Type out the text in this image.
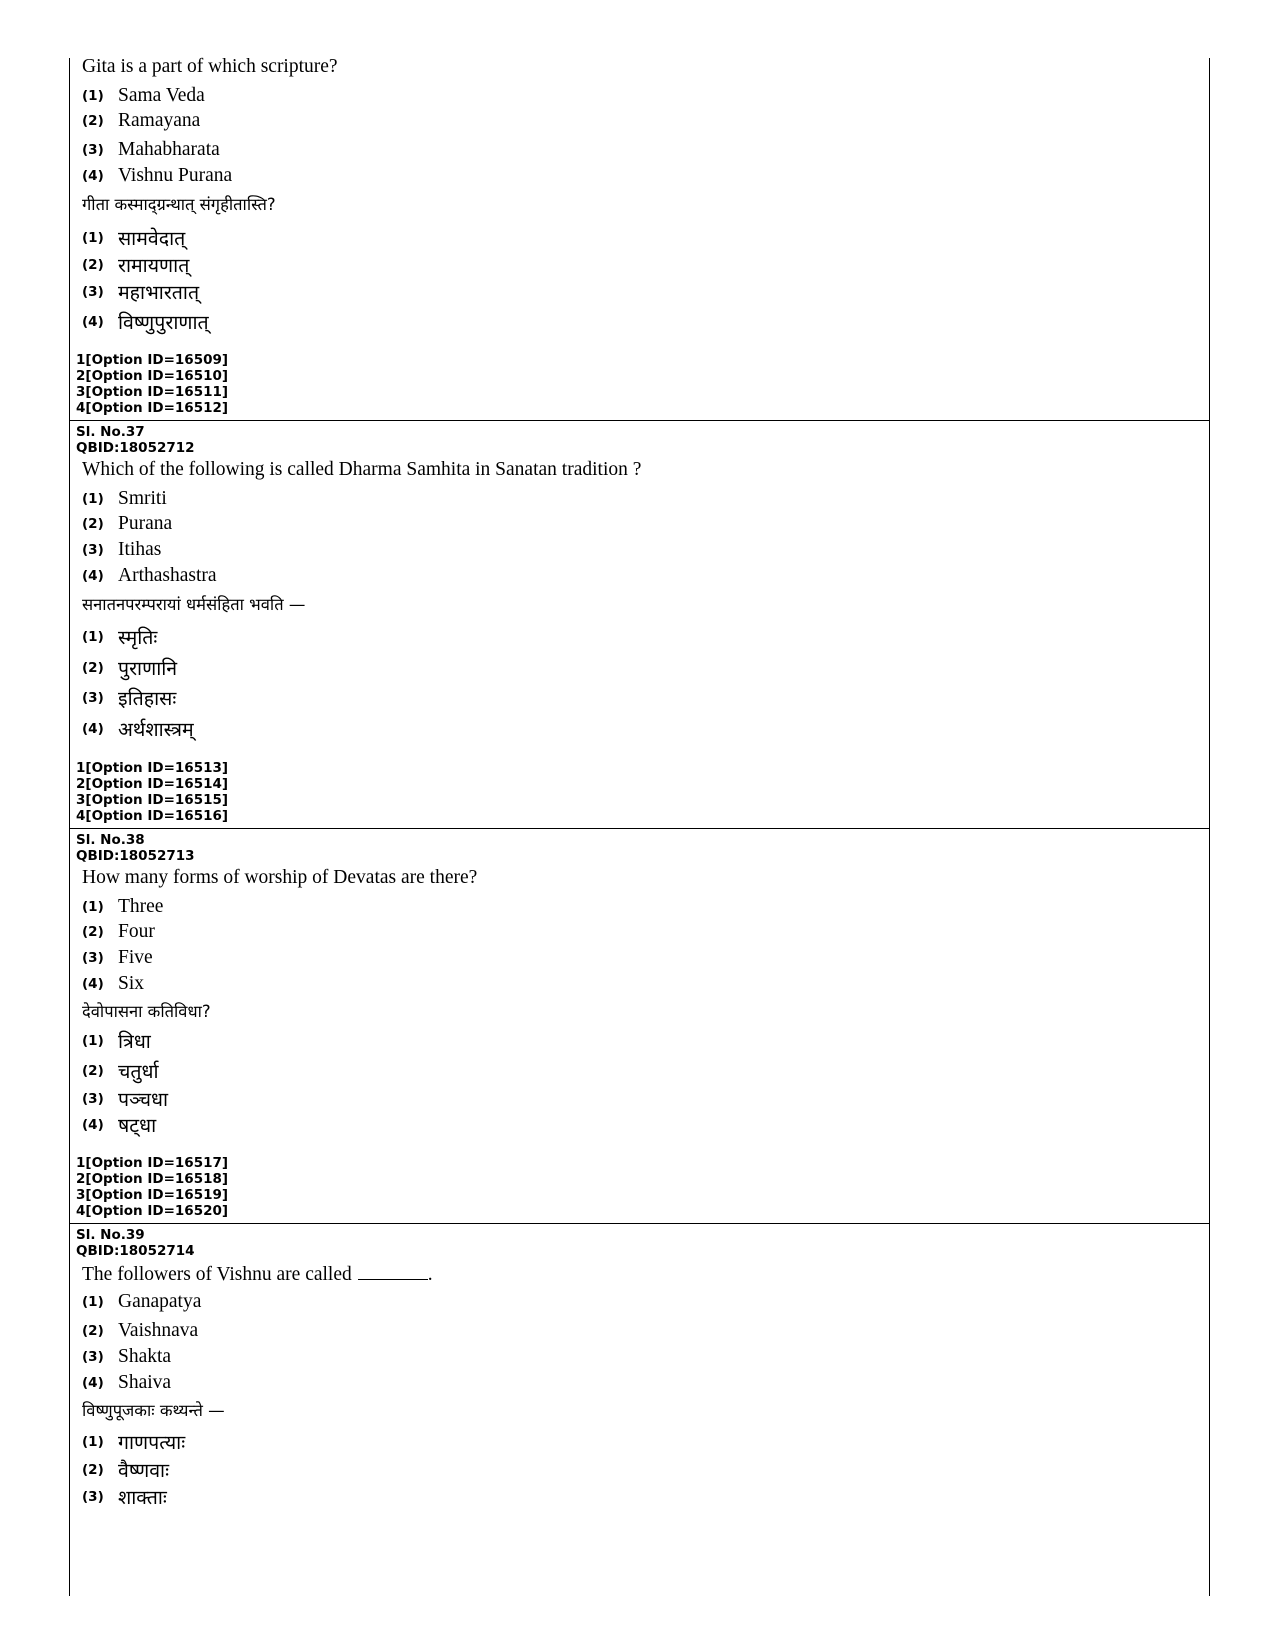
Gita is a part of which scripture?
(1) Sama Veda
(2) Ramayana
(3) Mahabharata
(4) Vishnu Purana
गीता कस्माद्ग्रन्थात् संगृहीतास्ति?
(1) सामवेदात्
(2) रामायणात्
(3) महाभारतात्
(4) विष्णुपुराणात्
1[Option ID=16509]
2[Option ID=16510]
3[Option ID=16511]
4[Option ID=16512]
Sl. No.37
QBID:18052712
Which of the following is called Dharma Samhita in Sanatan tradition ?
(1) Smriti
(2) Purana
(3) Itihas
(4) Arthashastra
सनातनपरम्परायां धर्मसंहिता भवति —
(1) स्मृतिः
(2) पुराणानि
(3) इतिहासः
(4) अर्थशास्त्रम्
1[Option ID=16513]
2[Option ID=16514]
3[Option ID=16515]
4[Option ID=16516]
Sl. No.38
QBID:18052713
How many forms of worship of Devatas are there?
(1) Three
(2) Four
(3) Five
(4) Six
देवोपासना कतिविधा?
(1) त्रिधा
(2) चतुर्धा
(3) पञ्चधा
(4) षट्धा
1[Option ID=16517]
2[Option ID=16518]
3[Option ID=16519]
4[Option ID=16520]
Sl. No.39
QBID:18052714
The followers of Vishnu are called	.
(1) Ganapatya
(2) Vaishnava
(3) Shakta
(4) Shaiva
विष्णुपूजकाः कथ्यन्ते —
(1) गाणपत्याः
(2) वैष्णवाः
(3) शाक्ताः
